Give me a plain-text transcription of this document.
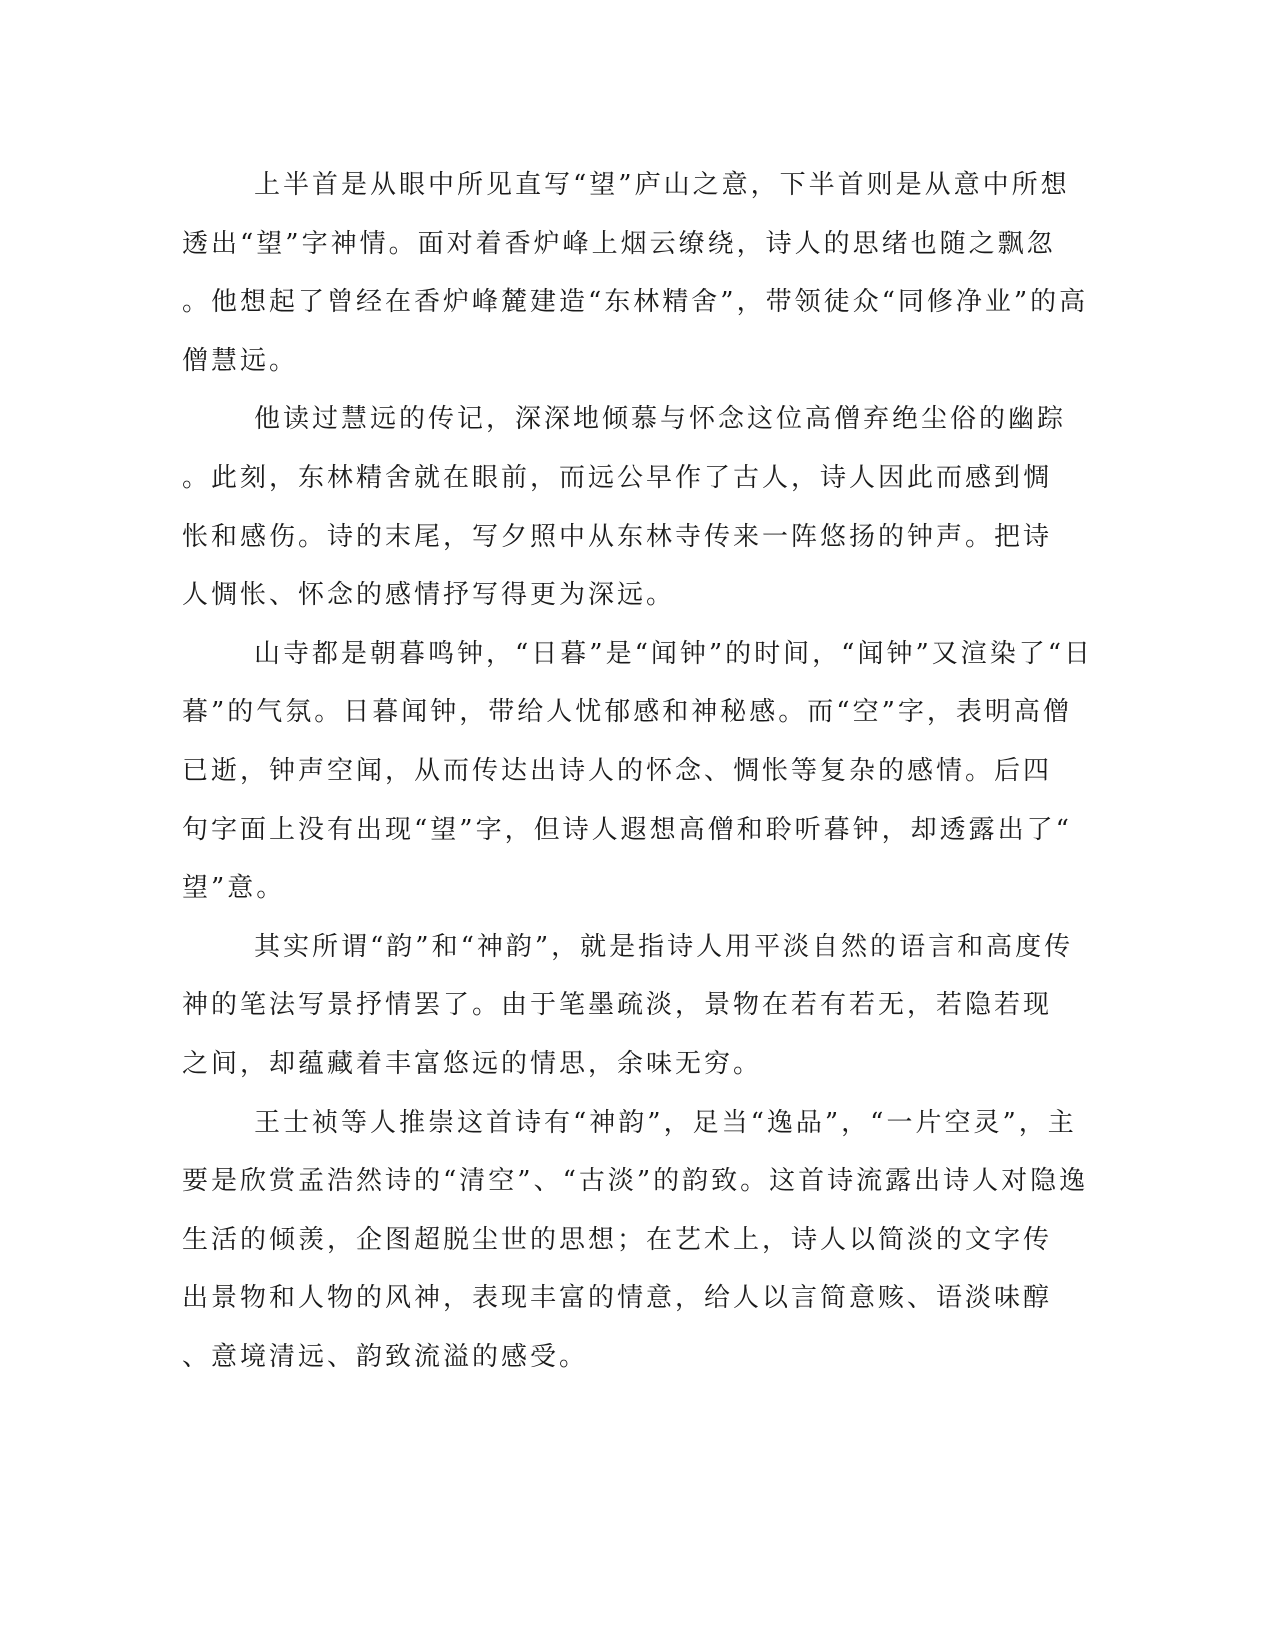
上半首是从眼中所见直写“望”庐山之意，下半首则是从意中所想
透出“望”字神情。面对着香炉峰上烟云缭绕，诗人的思绪也随之飘忽
。他想起了曾经在香炉峰麓建造“东林精舍”，带领徒众“同修净业”的高
僧慧远。
他读过慧远的传记，深深地倾慕与怀念这位高僧弃绝尘俗的幽踪
。此刻，东林精舍就在眼前，而远公早作了古人，诗人因此而感到惆
怅和感伤。诗的末尾，写夕照中从东林寺传来一阵悠扬的钟声。把诗
人惆怅、怀念的感情抒写得更为深远。
山寺都是朝暮鸣钟，“日暮”是“闻钟”的时间，“闻钟”又渲染了“日
暮”的气氛。日暮闻钟，带给人忧郁感和神秘感。而“空”字，表明高僧
已逝，钟声空闻，从而传达出诗人的怀念、惆怅等复杂的感情。后四
句字面上没有出现“望”字，但诗人遐想高僧和聆听暮钟，却透露出了“
望”意。
其实所谓“韵”和“神韵”，就是指诗人用平淡自然的语言和高度传
神的笔法写景抒情罢了。由于笔墨疏淡，景物在若有若无，若隐若现
之间，却蕴藏着丰富悠远的情思，余味无穷。
王士祯等人推崇这首诗有“神韵”，足当“逸品”，“一片空灵”，主
要是欣赏孟浩然诗的“清空”、“古淡”的韵致。这首诗流露出诗人对隐逸
生活的倾羡，企图超脱尘世的思想；在艺术上，诗人以简淡的文字传
出景物和人物的风神，表现丰富的情意，给人以言简意赅、语淡味醇
、意境清远、韵致流溢的感受。
